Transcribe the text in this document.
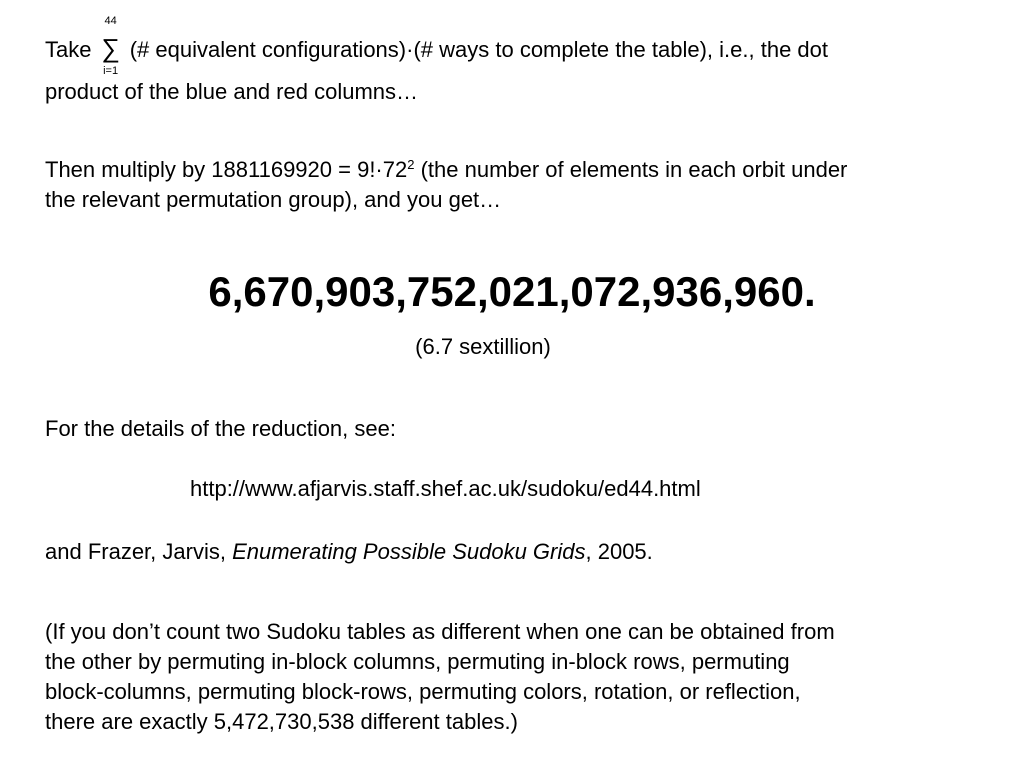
Take
44
∑
i=1
(# equivalent configurations)·(# ways to complete the table), i.e., the dot
product of the blue and red columns…

Then multiply by $1881169920 = 9!\cdot 72^2$ (the number of elements in each orbit under
the relevant permutation group), and you get…

6,670,903,752,021,072,936,960.
(6.7 sextillion)

For the details of the reduction, see:

http://www.afjarvis.staff.shef.ac.uk/sudoku/ed44.html

and Frazer, Jarvis, Enumerating Possible Sudoku Grids, 2005.

(If you don’t count two Sudoku tables as different when one can be obtained from
the other by permuting in-block columns, permuting in-block rows, permuting
block-columns, permuting block-rows, permuting colors, rotation, or reflection,
there are exactly 5,472,730,538 different tables.)
